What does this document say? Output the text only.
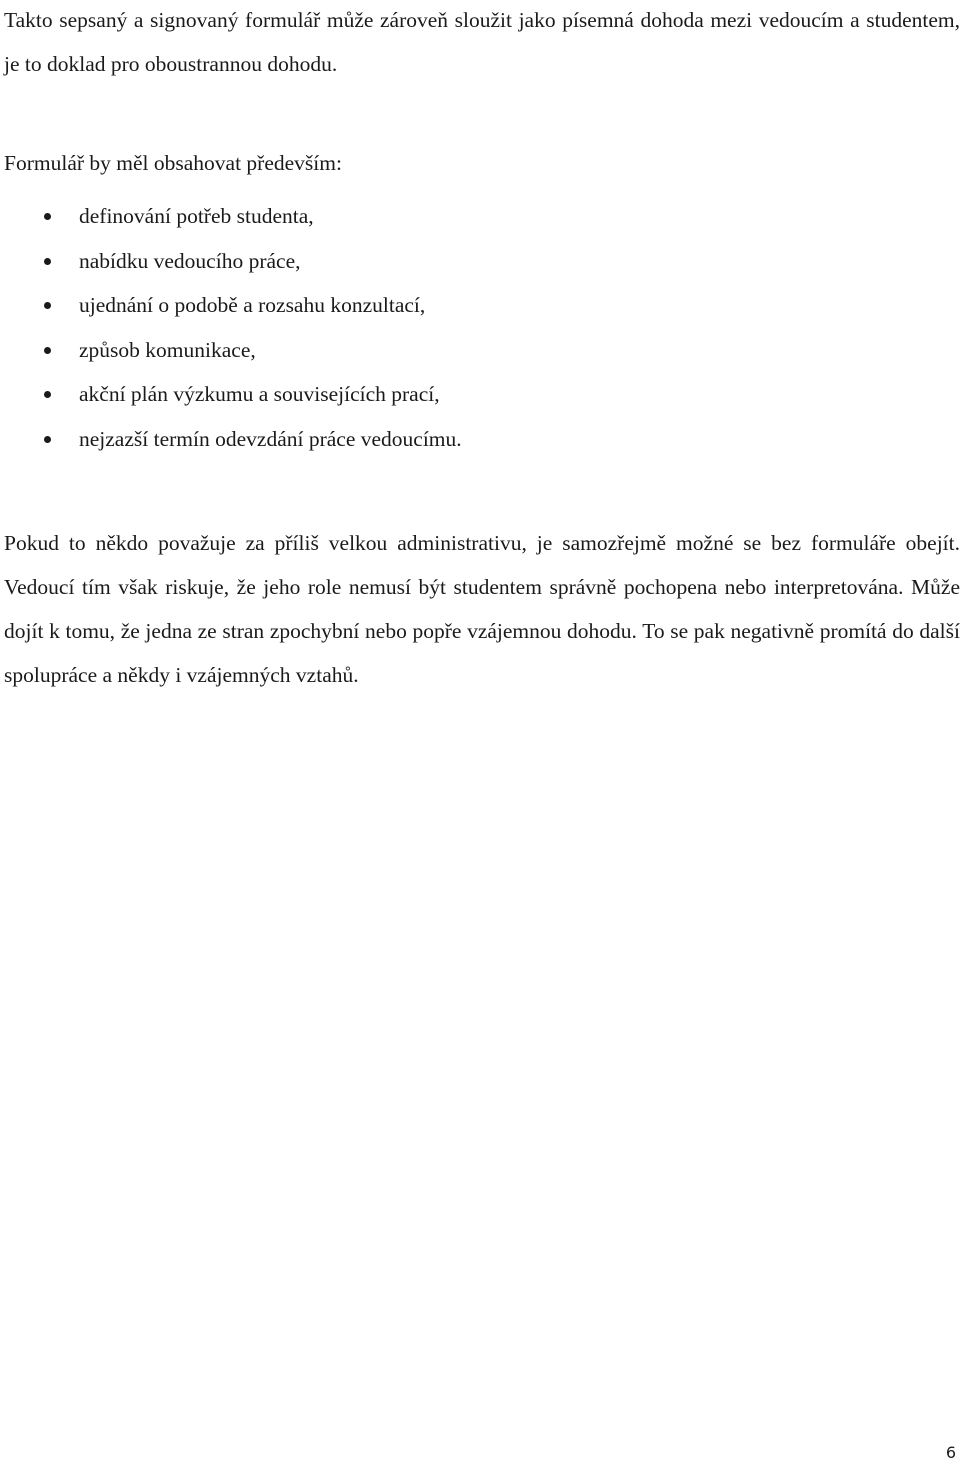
Takto sepsaný a signovaný formulář může zároveň sloužit jako písemná dohoda mezi vedoucím a studentem, je to doklad pro oboustrannou dohodu.

Formulář by měl obsahovat především:

definování potřeb studenta,
nabídku vedoucího práce,
ujednání o podobě a rozsahu konzultací,
způsob komunikace,
akční plán výzkumu a souvisejících prací,
nejzazší termín odevzdání práce vedoucímu.

Pokud to někdo považuje za příliš velkou administrativu, je samozřejmě možné se bez formuláře obejít. Vedoucí tím však riskuje, že jeho role nemusí být studentem správně pochopena nebo interpretována. Může dojít k tomu, že jedna ze stran zpochybní nebo popře vzájemnou dohodu. To se pak negativně promítá do další spolupráce a někdy i vzájemných vztahů.

6
